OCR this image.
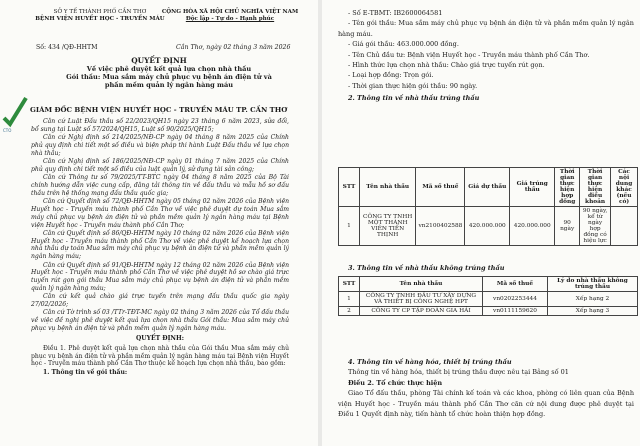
SỞ Y TẾ THÀNH PHỐ CẦN THƠ
BỆNH VIỆN HUYẾT HỌC - TRUYỀN MÁU
CỘNG HÒA XÃ HỘI CHỦ NGHĨA VIỆT NAM
Độc lập - Tự do - Hạnh phúc
Số: 434 /QĐ-HHTM	Cần Thơ, ngày 02 tháng 3 năm 2026
QUYẾT ĐỊNH
Về việc phê duyệt kết quả lựa chọn nhà thầu
Gói thầu: Mua sắm máy chủ phục vụ bệnh án điện tử và phần mềm quản lý ngân hàng máu
CTO
GIÁM ĐỐC BỆNH VIỆN HUYẾT HỌC - TRUYỀN MÁU TP. CẦN THƠ

Căn cứ Luật Đấu thầu số 22/2023/QH15 ngày 23 tháng 6 năm 2023, sửa đổi, bổ sung tại Luật số 57/2024/QH15, Luật số 90/2025/QH15;

Căn cứ Nghị định số 214/2025/NĐ-CP ngày 04 tháng 8 năm 2025 của Chính phủ quy định chi tiết một số điều và biện pháp thi hành Luật Đấu thầu về lựa chọn nhà thầu;

Căn cứ Nghị định số 186/2025/NĐ-CP ngày 01 tháng 7 năm 2025 của Chính phủ quy định chi tiết một số điều của luật quản lý, sử dụng tài sản công;

Căn cứ Thông tư số 79/2025/TT-BTC ngày 04 tháng 8 năm 2025 của Bộ Tài chính hướng dẫn việc cung cấp, đăng tải thông tin về đấu thầu và mẫu hồ sơ đấu thầu trên hệ thống mạng đấu thầu quốc gia;

Căn cứ Quyết định số 72/QĐ-HHTM ngày 05 tháng 02 năm 2026 của Bệnh viện Huyết học - Truyền máu thành phố Cần Thơ về việc phê duyệt dự toán Mua sắm máy chủ phục vụ bệnh án điện tử và phần mềm quản lý ngân hàng máu tại Bệnh viện Huyết học - Truyền máu thành phố Cần Thơ;

Căn cứ Quyết định số 86/QĐ-HHTM ngày 10 tháng 02 năm 2026 của Bệnh viện Huyết học - Truyền máu thành phố Cần Thơ về việc phê duyệt kế hoạch lựa chọn nhà thầu dự toán Mua sắm máy chủ phục vụ bệnh án điện tử và phần mềm quản lý ngân hàng máu;

Căn cứ Quyết định số 91/QĐ-HHTM ngày 12 tháng 02 năm 2026 của Bệnh viện Huyết học - Truyền máu thành phố Cần Thơ về việc phê duyệt hồ sơ chào giá trực tuyến rút gọn gói thầu Mua sắm máy chủ phục vụ bệnh án điện tử và phần mềm quản lý ngân hàng máu;

Căn cứ kết quả chào giá trực tuyến trên mạng đấu thầu quốc gia ngày 27/02/2026;

Căn cứ Tờ trình số 03 /TTr-TĐT-MC ngày 02 tháng 3 năm 2026 của Tổ đấu thầu về việc đề nghị phê duyệt kết quả lựa chọn nhà thầu Gói thầu: Mua sắm máy chủ phục vụ bệnh án điện tử và phần mềm quản lý ngân hàng máu.

QUYẾT ĐỊNH:

Điều 1. Phê duyệt kết quả lựa chọn nhà thầu của Gói thầu Mua sắm máy chủ phục vụ bệnh án điện tử và phần mềm quản lý ngân hàng máu tại Bệnh viện Huyết học - Truyền máu thành phố Cần Thơ thuộc kế hoạch lựa chọn nhà thầu, bao gồm:

1. Thông tin về gói thầu:

- Số E-TBMT: IB2600064581

- Tên gói thầu: Mua sắm máy chủ phục vụ bệnh án điện tử và phần mềm quản lý ngân hàng máu.

- Giá gói thầu: 463.000.000 đồng.

- Tên Chủ đầu tư: Bệnh viện Huyết học - Truyền máu thành phố Cần Thơ.

- Hình thức lựa chọn nhà thầu: Chào giá trực tuyến rút gọn.

- Loại hợp đồng: Trọn gói.

- Thời gian thực hiện gói thầu: 90 ngày.

2. Thông tin về nhà thầu trúng thầu

STT	Tên nhà thầu	Mã số thuế	Giá dự thầu	Giá trúng thầu	Thời gian thực hiện hợp đồng	Thời gian thực hiện điều khoản	Các nội dung khác (nếu có)
1	CÔNG TY TNHH MỘT THÀNH VIÊN TIẾN THỊNH	vn2100402588	420.000.000	420.000.000	90 ngày	90 ngày, kể từ ngày hợp đồng có hiệu lực	
3. Thông tin về nhà thầu không trúng thầu
STT	Tên nhà thầu	Mã số thuế	Lý do nhà thầu không trúng thầu
1	CÔNG TY TNHH ĐẦU TƯ XÂY DỰNG VÀ THIẾT BỊ CÔNG NGHỆ HPT	vn0202253444	Xếp hạng 2
2	CÔNG TY CP TẬP ĐOÀN GIA HẢI	vn0111159620	Xếp hạng 3

4. Thông tin về hàng hóa, thiết bị trúng thầu

Thông tin về hàng hóa, thiết bị trúng thầu được nêu tại Bảng số 01

Điều 2. Tổ chức thực hiện

Giao Tổ đấu thầu, phòng Tài chính kế toán và các khoa, phòng có liên quan của Bệnh viện Huyết học - Truyền máu thành phố Cần Thơ căn cứ nội dung được phê duyệt tại Điều 1 Quyết định này, tiến hành tổ chức hoàn thiện hợp đồng.
